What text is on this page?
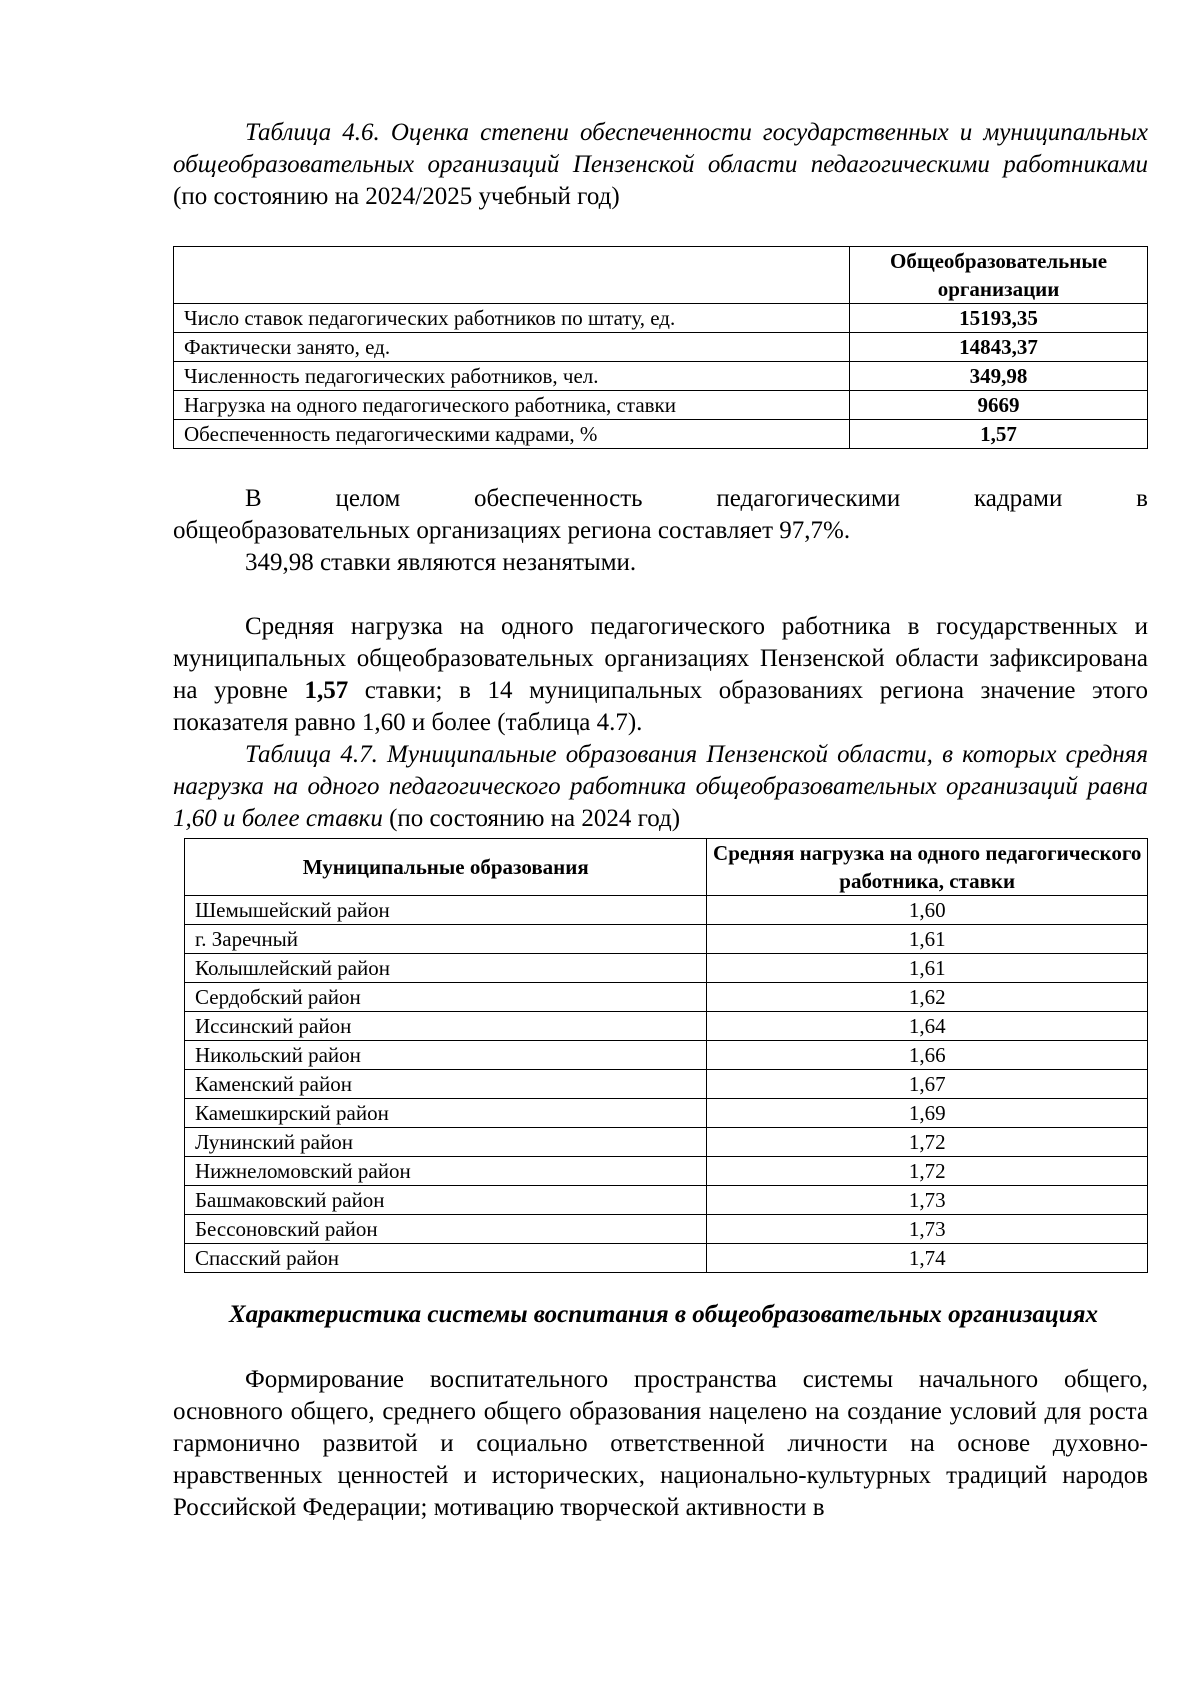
Таблица 4.6. Оценка степени обеспеченности государственных и муниципальных общеобразовательных организаций Пензенской области педагогическими работниками (по состоянию на 2024/2025 учебный год)

	Общеобразовательные организации
Число ставок педагогических работников по штату, ед.	15193,35
Фактически занято, ед.	14843,37
Численность педагогических работников, чел.	349,98
Нагрузка на одного педагогического работника, ставки	9669
Обеспеченность педагогическими кадрами, %	1,57
В	целом	обеспеченность	педагогическими	кадрами	в

общеобразовательных организациях региона составляет 97,7%.

349,98 ставки являются незанятыми.

Средняя нагрузка на одного педагогического работника в государственных и муниципальных общеобразовательных организациях Пензенской области зафиксирована на уровне 1,57 ставки; в 14 муниципальных образованиях региона значение этого показателя равно 1,60 и более (таблица 4.7).

Таблица 4.7. Муниципальные образования Пензенской области, в которых средняя нагрузка на одного педагогического работника общеобразовательных организаций равна 1,60 и более ставки (по состоянию на 2024 год)

Муниципальные образования	Средняя нагрузка на одного педагогического работника, ставки
Шемышейский район	1,60
г. Заречный	1,61
Колышлейский район	1,61
Сердобский район	1,62
Иссинский район	1,64
Никольский район	1,66
Каменский район	1,67
Камешкирский район	1,69
Лунинский район	1,72
Нижнеломовский район	1,72
Башмаковский район	1,73
Бессоновский район	1,73
Спасский район	1,74

Характеристика системы воспитания в общеобразовательных организациях

Формирование воспитательного пространства системы начального общего, основного общего, среднего общего образования нацелено на создание условий для роста гармонично развитой и социально ответственной личности на основе духовно-нравственных ценностей и исторических, национально-культурных традиций народов Российской Федерации; мотивацию творческой активности в
